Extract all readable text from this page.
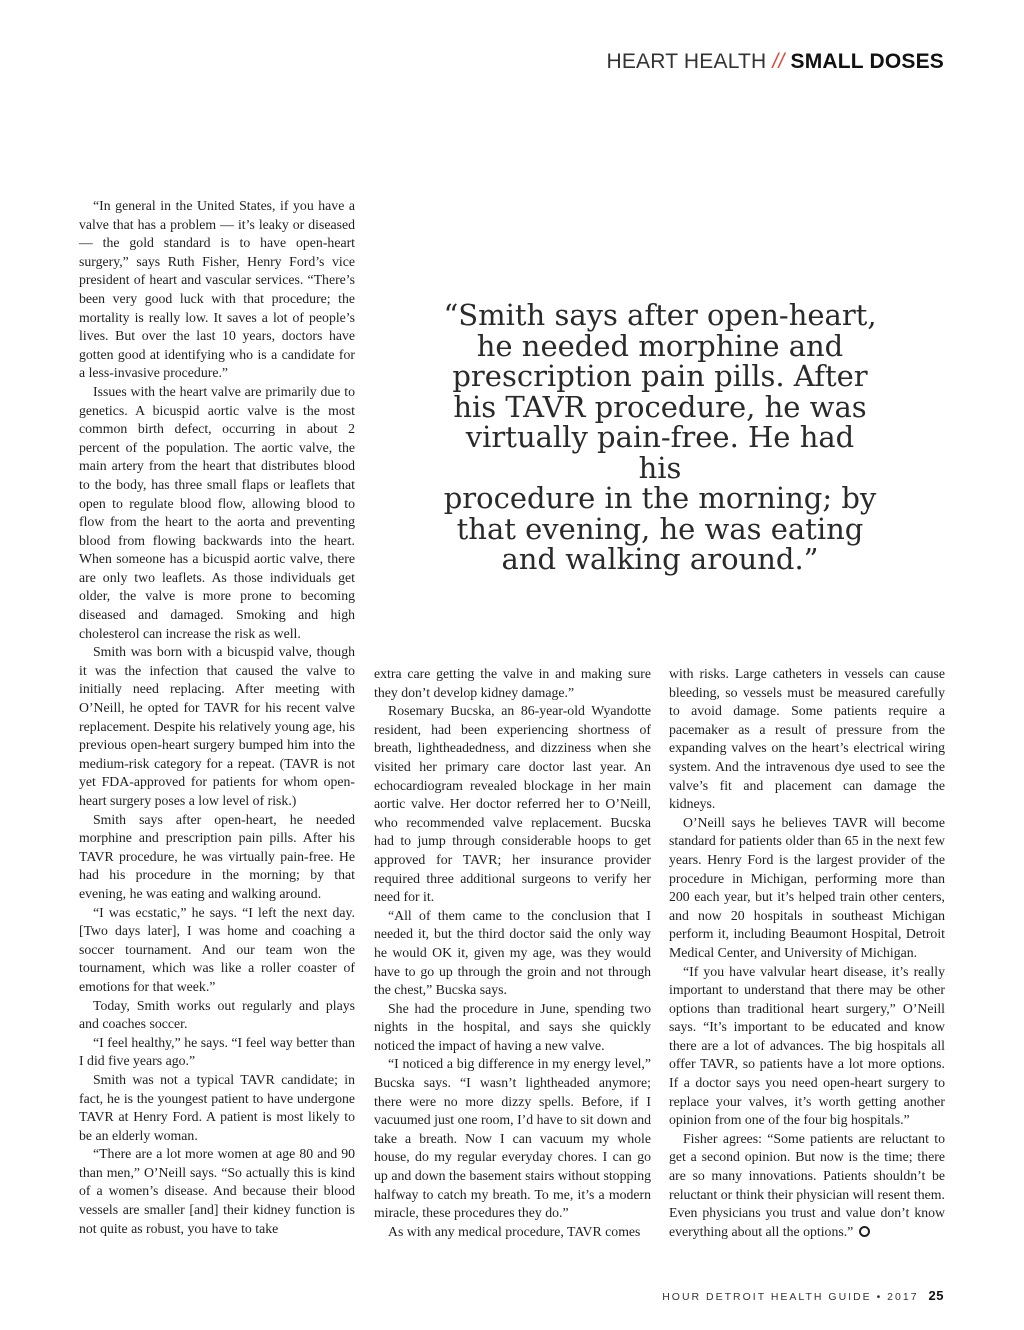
HEART HEALTH // SMALL DOSES
“Smith says after open-heart,
he needed morphine and
prescription pain pills. After
his TAVR procedure, he was
virtually pain-free. He had his
procedure in the morning; by
that evening, he was eating
and walking around.”

“In general in the United States, if you have a valve that has a problem — it’s leaky or diseased — the gold standard is to have open-heart surgery,” says Ruth Fisher, Henry Ford’s vice president of heart and vascular services. “There’s been very good luck with that procedure; the mortality is really low. It saves a lot of people’s lives. But over the last 10 years, doctors have gotten good at identifying who is a candidate for a less-invasive procedure.”

Issues with the heart valve are primarily due to genetics. A bicuspid aortic valve is the most common birth defect, occurring in about 2 percent of the population. The aortic valve, the main artery from the heart that distributes blood to the body, has three small flaps or leaflets that open to regulate blood flow, allowing blood to flow from the heart to the aorta and preventing blood from flowing backwards into the heart. When someone has a bicuspid aortic valve, there are only two leaflets. As those individuals get older, the valve is more prone to becoming diseased and damaged. Smoking and high cholesterol can increase the risk as well.

Smith was born with a bicuspid valve, though it was the infection that caused the valve to initially need replacing. After meeting with O’Neill, he opted for TAVR for his recent valve replacement. Despite his relatively young age, his previous open-heart surgery bumped him into the medium-risk category for a repeat. (TAVR is not yet FDA-approved for patients for whom open-heart surgery poses a low level of risk.)

Smith says after open-heart, he needed morphine and prescription pain pills. After his TAVR procedure, he was virtually pain-free. He had his procedure in the morning; by that evening, he was eating and walking around.

“I was ecstatic,” he says. “I left the next day. [Two days later], I was home and coaching a soccer tournament. And our team won the tournament, which was like a roller coaster of emotions for that week.”

Today, Smith works out regularly and plays and coaches soccer.

“I feel healthy,” he says. “I feel way better than I did five years ago.”

Smith was not a typical TAVR candidate; in fact, he is the youngest patient to have undergone TAVR at Henry Ford. A patient is most likely to be an elderly woman.

“There are a lot more women at age 80 and 90 than men,” O’Neill says. “So actually this is kind of a women’s disease. And because their blood vessels are smaller [and] their kidney function is not quite as robust, you have to take

extra care getting the valve in and making sure they don’t develop kidney damage.”

Rosemary Bucska, an 86-year-old Wyandotte resident, had been experiencing shortness of breath, lightheadedness, and dizziness when she visited her primary care doctor last year. An echocardiogram revealed blockage in her main aortic valve. Her doctor referred her to O’Neill, who recommended valve replacement. Bucska had to jump through considerable hoops to get approved for TAVR; her insurance provider required three additional surgeons to verify her need for it.

“All of them came to the conclusion that I needed it, but the third doctor said the only way he would OK it, given my age, was they would have to go up through the groin and not through the chest,” Bucska says.

She had the procedure in June, spending two nights in the hospital, and says she quickly noticed the impact of having a new valve.

“I noticed a big difference in my energy level,” Bucska says. “I wasn’t lightheaded anymore; there were no more dizzy spells. Before, if I vacuumed just one room, I’d have to sit down and take a breath. Now I can vacuum my whole house, do my regular everyday chores. I can go up and down the basement stairs without stopping halfway to catch my breath. To me, it’s a modern miracle, these procedures they do.”

As with any medical procedure, TAVR comes

with risks. Large catheters in vessels can cause bleeding, so vessels must be measured carefully to avoid damage. Some patients require a pacemaker as a result of pressure from the expanding valves on the heart’s electrical wiring system. And the intravenous dye used to see the valve’s fit and placement can damage the kidneys.

O’Neill says he believes TAVR will become standard for patients older than 65 in the next few years. Henry Ford is the largest provider of the procedure in Michigan, performing more than 200 each year, but it’s helped train other centers, and now 20 hospitals in southeast Michigan perform it, including Beaumont Hospital, Detroit Medical Center, and University of Michigan.

“If you have valvular heart disease, it’s really important to understand that there may be other options than traditional heart surgery,” O’Neill says. “It’s important to be educated and know there are a lot of advances. The big hospitals all offer TAVR, so patients have a lot more options. If a doctor says you need open-heart surgery to replace your valves, it’s worth getting another opinion from one of the four big hospitals.”

Fisher agrees: “Some patients are reluctant to get a second opinion. But now is the time; there are so many innovations. Patients shouldn’t be reluctant or think their physician will resent them. Even physicians you trust and value don’t know everything about all the options.”

HOUR DETROIT HEALTH GUIDE • 2017 25
